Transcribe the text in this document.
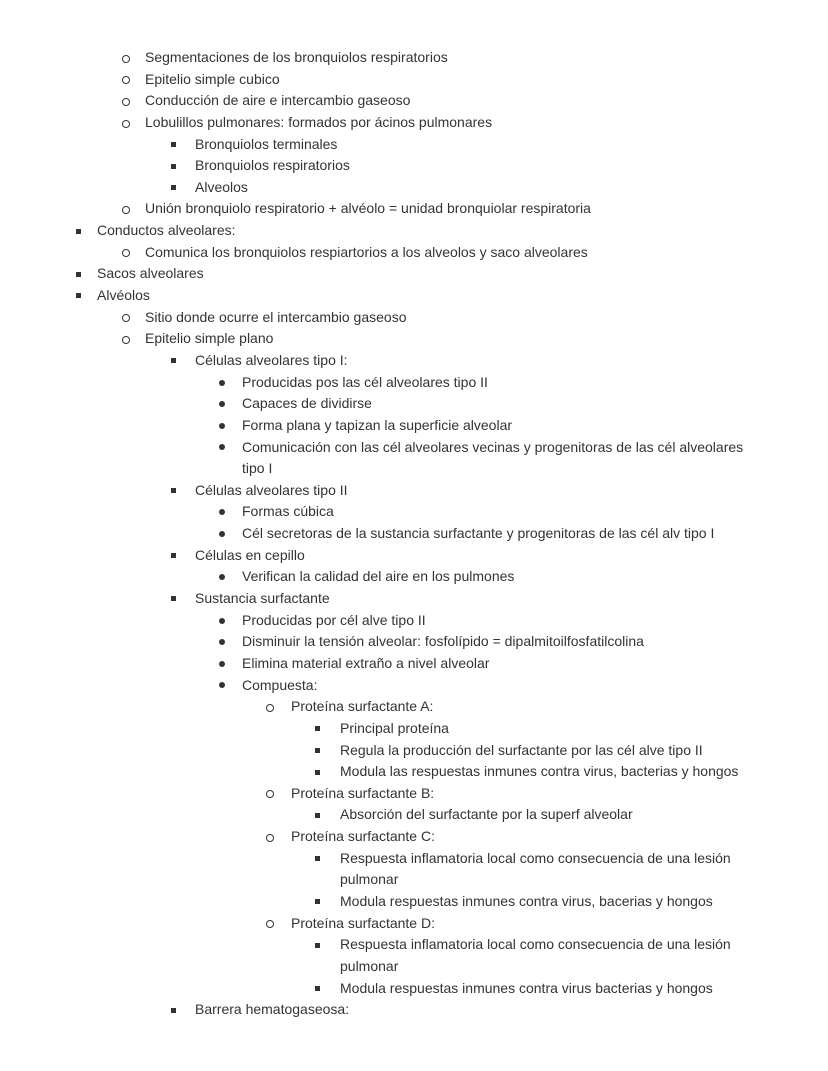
Segmentaciones de los bronquiolos respiratorios
Epitelio simple cubico
Conducción de aire e intercambio gaseoso
Lobulillos pulmonares: formados por ácinos pulmonares
Bronquiolos terminales
Bronquiolos respiratorios
Alveolos
Unión bronquiolo respiratorio + alvéolo = unidad bronquiolar respiratoria
Conductos alveolares:
Comunica los bronquiolos respiartorios a los alveolos y saco alveolares
Sacos alveolares
Alvéolos
Sitio donde ocurre el intercambio gaseoso
Epitelio simple plano
Células alveolares tipo I:
Producidas pos las cél alveolares tipo II
Capaces de dividirse
Forma plana y tapizan la superficie alveolar
Comunicación con las cél alveolares vecinas y progenitoras de las cél alveolares
tipo I
Células alveolares tipo II
Formas cúbica
Cél secretoras de la sustancia surfactante y progenitoras de las cél alv tipo I
Células en cepillo
Verifican la calidad del aire en los pulmones
Sustancia surfactante
Producidas por cél alve tipo II
Disminuir la tensión alveolar: fosfolípido = dipalmitoilfosfatilcolina
Elimina material extraño a nivel alveolar
Compuesta:
Proteína surfactante A:
Principal proteína
Regula la producción del surfactante por las cél alve tipo II
Modula las respuestas inmunes contra virus, bacterias y hongos
Proteína surfactante B:
Absorción del surfactante por la superf alveolar
Proteína surfactante C:
Respuesta inflamatoria local como consecuencia de una lesión
pulmonar
Modula respuestas inmunes contra virus, bacerias y hongos
Proteína surfactante D:
Respuesta inflamatoria local como consecuencia de una lesión
pulmonar
Modula respuestas inmunes contra virus bacterias y hongos
Barrera hematogaseosa:
